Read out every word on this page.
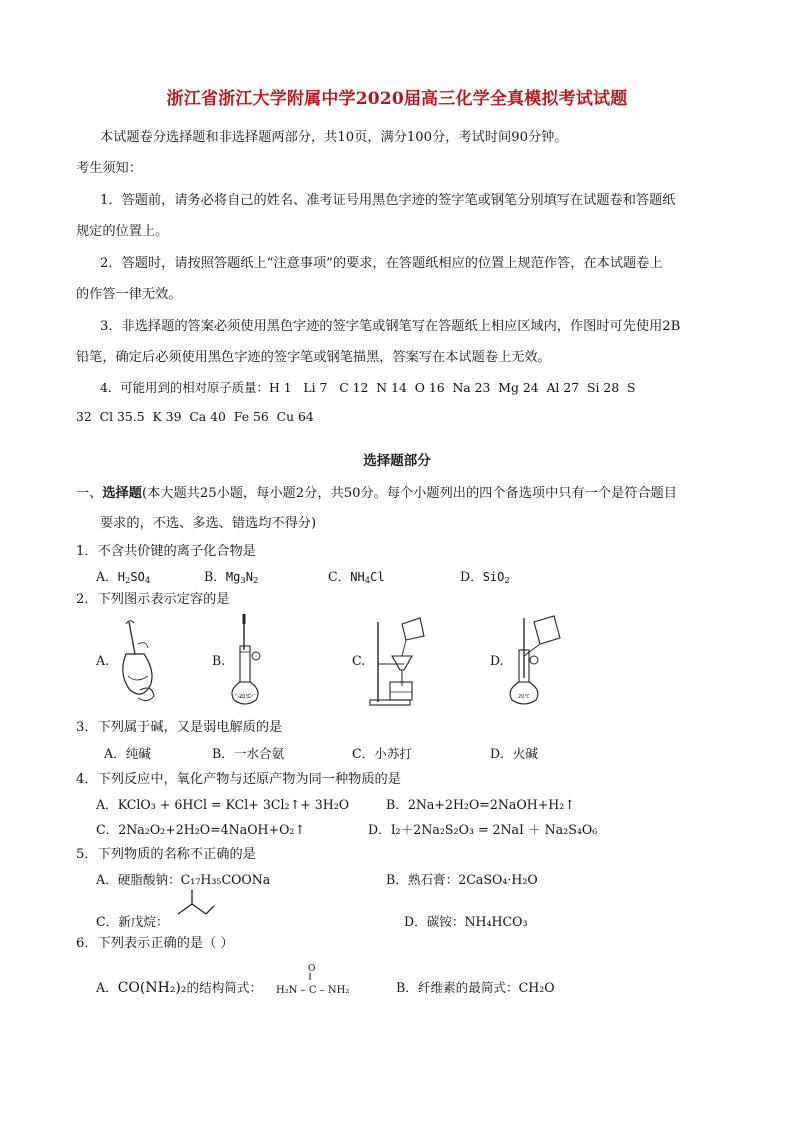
浙江省浙江大学附属中学2020届高三化学全真模拟考试试题
本试题卷分选择题和非选择题两部分，共10页，满分100分，考试时间90分钟。
考生须知：
1．答题前，请务必将自己的姓名、准考证号用黑色字迹的签字笔或钢笔分别填写在试题卷和答题纸
规定的位置上。
2．答题时，请按照答题纸上“注意事项”的要求，在答题纸相应的位置上规范作答，在本试题卷上
的作答一律无效。
3．非选择题的答案必须使用黑色字迹的签字笔或钢笔写在答题纸上相应区域内，作图时可先使用2B
铅笔，确定后必须使用黑色字迹的签字笔或钢笔描黑，答案写在本试题卷上无效。
4．可能用到的相对原子质量：H 1   Li 7   C 12  N 14  O 16  Na 23  Mg 24  Al 27  Si 28  S
32  Cl 35.5  K 39  Ca 40  Fe 56  Cu 64
选择题部分
一、选择题(本大题共25小题，每小题2分，共50分。每个小题列出的四个备选项中只有一个是符合题目
要求的，不选、多选、错选均不得分)
1．不含共价键的离子化合物是
A．$H_2SO_4$	B．$Mg_3N_2$	C．$NH_4Cl$	D．SiO$_2$
2．下列图示表示定容的是
A.	B.	C.	D.
20℃	20℃
3．下列属于碱，又是弱电解质的是
A．纯碱	B．一水合氨	C．小苏打	D．火碱
4．下列反应中，氧化产物与还原产物为同一种物质的是
A．KClO₃ + 6HCl = KCl+ 3Cl₂↑+ 3H₂O	B．2Na+2H₂O=2NaOH+H₂↑
C．2Na₂O₂+2H₂O=4NaOH+O₂↑	D．I₂＋2Na₂S₂O₃ = 2NaI ＋ Na₂S₄O₆
5．下列物质的名称不正确的是
A．硬脂酸钠：C₁₇H₃₅COONa	B．熟石膏：2CaSO₄·H₂O
C．新戊烷：	D．碳铵：NH₄HCO₃
6．下列表示正确的是（ ）
A．CO(NH₂)₂的结构简式：
O
||
H₂N – C – NH₂	B．纤维素的最简式：CH₂O
